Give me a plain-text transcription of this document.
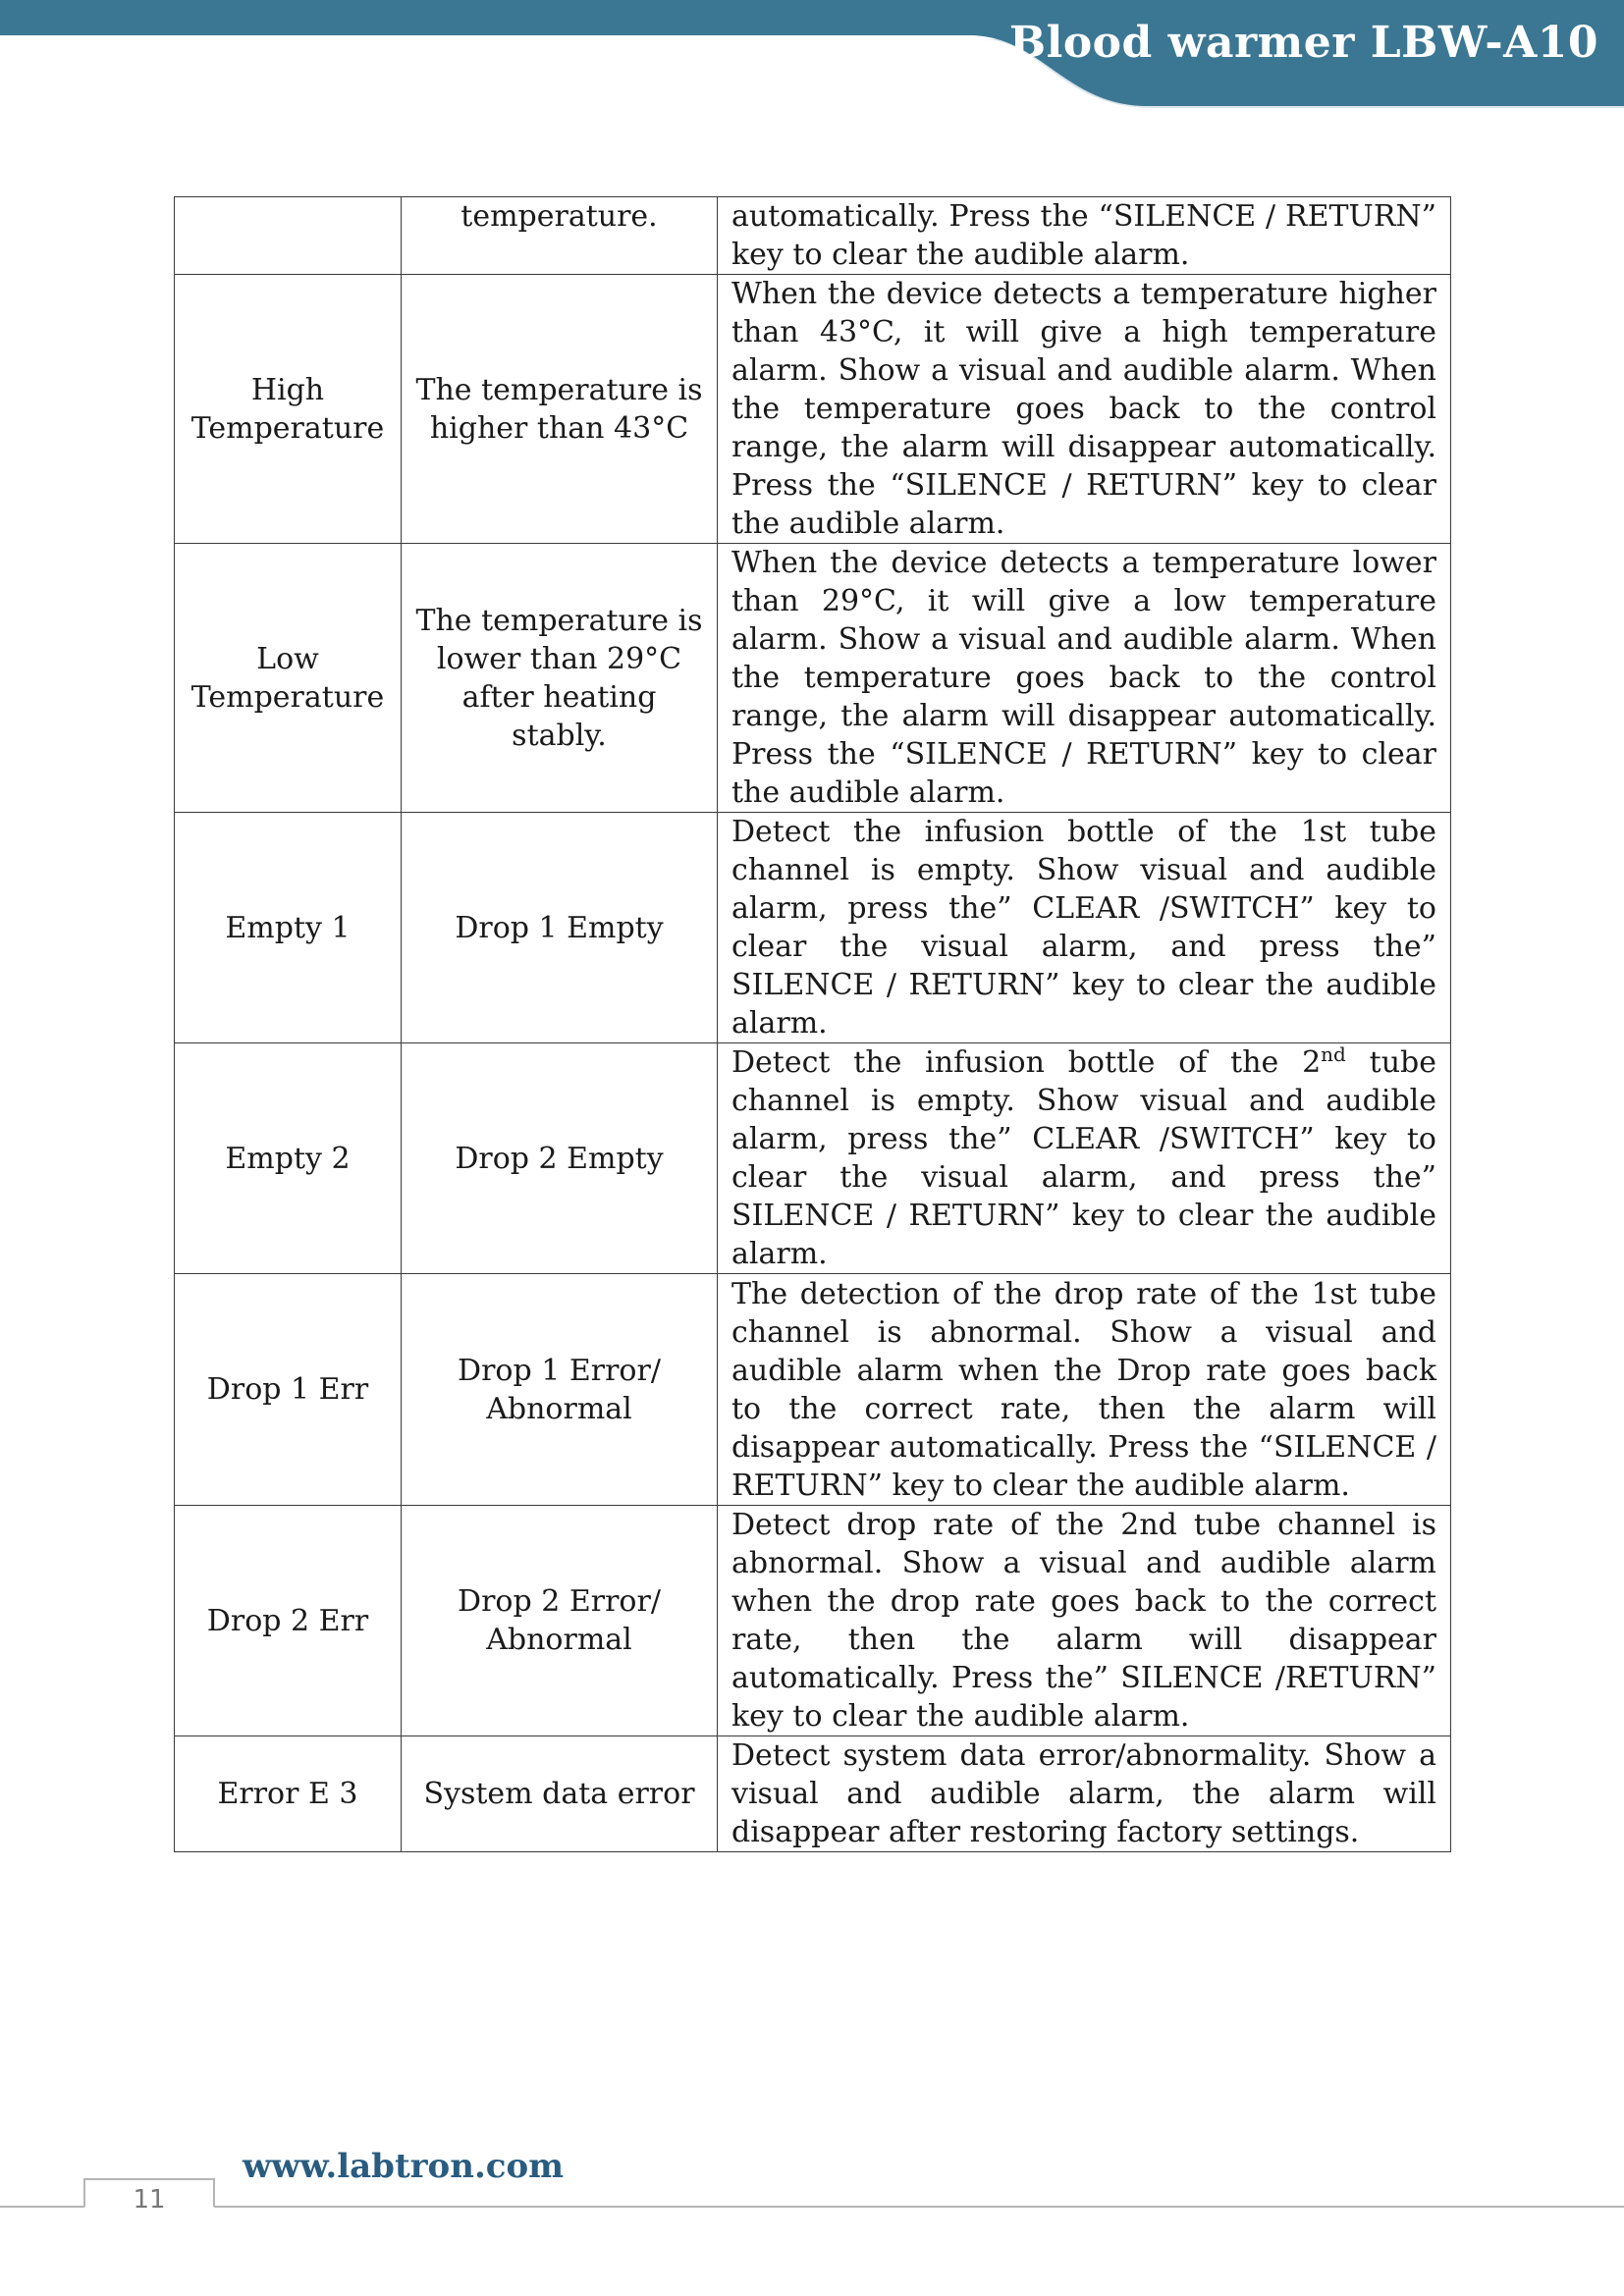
Blood warmer LBW-A10
	temperature.	automatically. Press the “SILENCE / RETURN” key to clear the audible alarm.
High Temperature	The temperature is higher than 43°C	When the device detects a temperature higher than 43°C, it will give a high temperature alarm. Show a visual and audible alarm. When the temperature goes back to the control range, the alarm will disappear automatically. Press the “SILENCE / RETURN” key to clear the audible alarm.
Low Temperature	The temperature is lower than 29°C after heating stably.	When the device detects a temperature lower than 29°C, it will give a low temperature alarm. Show a visual and audible alarm. When the temperature goes back to the control range, the alarm will disappear automatically. Press the “SILENCE / RETURN” key to clear the audible alarm.
Empty 1	Drop 1 Empty	Detect the infusion bottle of the 1st tube channel is empty. Show visual and audible alarm, press the” CLEAR /SWITCH” key to clear the visual alarm, and press the” SILENCE / RETURN” key to clear the audible alarm.
Empty 2	Drop 2 Empty	Detect the infusion bottle of the 2nd tube channel is empty. Show visual and audible alarm, press the” CLEAR /SWITCH” key to clear the visual alarm, and press the” SILENCE / RETURN” key to clear the audible alarm.
Drop 1 Err	Drop 1 Error/ Abnormal	The detection of the drop rate of the 1st tube channel is abnormal. Show a visual and audible alarm when the Drop rate goes back to the correct rate, then the alarm will disappear automatically. Press the “SILENCE / RETURN” key to clear the audible alarm.
Drop 2 Err	Drop 2 Error/ Abnormal	Detect drop rate of the 2nd tube channel is abnormal. Show a visual and audible alarm when the drop rate goes back to the correct rate, then the alarm will disappear automatically. Press the” SILENCE /RETURN” key to clear the audible alarm.
Error E 3	System data error	Detect system data error/abnormality. Show a visual and audible alarm, the alarm will disappear after restoring factory settings.
www.labtron.com
11
